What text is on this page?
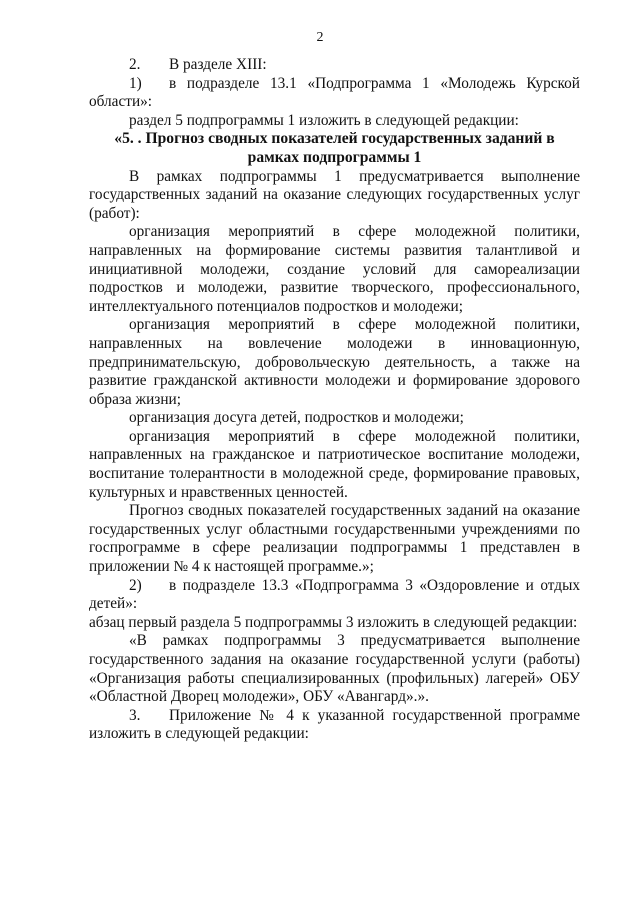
2
2.	В разделе XIII:
1)	в подразделе 13.1 «Подпрограмма 1 «Молодежь Курской

области»:

раздел 5 подпрограммы 1 изложить в следующей редакции:

«5. . Прогноз сводных показателей государственных заданий в рамках подпрограммы 1

В рамках подпрограммы 1 предусматривается выполнение

государственных заданий на оказание следующих государственных услуг (работ):

организация мероприятий в сфере молодежной политики, направленных на формирование системы развития талантливой и инициативной молодежи, создание условий для самореализации подростков и молодежи, развитие творческого, профессионального, интеллектуального потенциалов подростков и молодежи;

организация мероприятий в сфере молодежной политики, направленных на вовлечение молодежи в инновационную, предпринимательскую, добровольческую деятельность, а также на развитие гражданской активности молодежи и формирование здорового образа жизни;

организация досуга детей, подростков и молодежи;

организация мероприятий в сфере молодежной политики, направленных на гражданское и патриотическое воспитание молодежи, воспитание толерантности в молодежной среде, формирование правовых, культурных и нравственных ценностей.

Прогноз сводных показателей государственных заданий на оказание государственных услуг областными государственными учреждениями по госпрограмме в сфере реализации подпрограммы 1 представлен в приложении № 4 к настоящей программе.»;

2)	в подразделе 13.3 «Подпрограмма 3 «Оздоровление и отдых

детей»:

абзац первый раздела 5 подпрограммы 3 изложить в следующей редакции:

«В рамках подпрограммы 3 предусматривается выполнение государственного задания на оказание государственной услуги (работы) «Организация работы специализированных (профильных) лагерей» ОБУ «Областной Дворец молодежи», ОБУ «Авангард».».

3.	Приложение № 4 к указанной государственной программе

изложить в следующей редакции:
